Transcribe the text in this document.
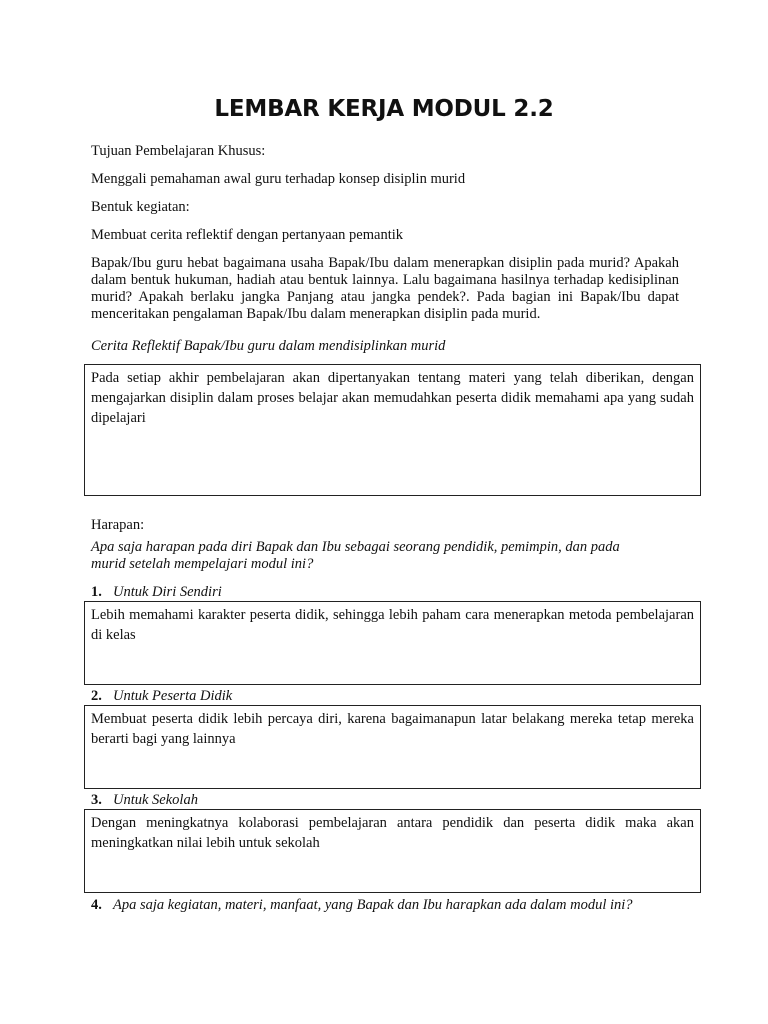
LEMBAR KERJA MODUL 2.2
Tujuan Pembelajaran Khusus:
Menggali pemahaman awal guru terhadap konsep disiplin murid
Bentuk kegiatan:
Membuat cerita reflektif dengan pertanyaan pemantik
Bapak/Ibu guru hebat bagaimana usaha Bapak/Ibu dalam menerapkan disiplin pada murid? Apakah dalam bentuk hukuman, hadiah atau bentuk lainnya. Lalu bagaimana hasilnya terhadap kedisiplinan murid? Apakah berlaku jangka Panjang atau jangka pendek?. Pada bagian ini Bapak/Ibu dapat menceritakan pengalaman Bapak/Ibu dalam menerapkan disiplin pada murid.
Cerita Reflektif Bapak/Ibu guru dalam mendisiplinkan murid
Pada setiap akhir pembelajaran akan dipertanyakan tentang materi yang telah diberikan, dengan mengajarkan disiplin dalam proses belajar akan memudahkan peserta didik memahami apa yang sudah dipelajari
Harapan:
Apa saja harapan pada diri Bapak dan Ibu sebagai seorang pendidik, pemimpin, dan pada
murid setelah mempelajari modul ini?
1. Untuk Diri Sendiri
Lebih memahami karakter peserta didik, sehingga lebih paham cara menerapkan metoda pembelajaran di kelas
2. Untuk Peserta Didik
Membuat peserta didik lebih percaya diri, karena bagaimanapun latar belakang mereka tetap mereka berarti bagi yang lainnya
3. Untuk Sekolah
Dengan meningkatnya kolaborasi pembelajaran antara pendidik dan peserta didik maka akan meningkatkan nilai lebih untuk sekolah
4. Apa saja kegiatan, materi, manfaat, yang Bapak dan Ibu harapkan ada dalam modul ini?
